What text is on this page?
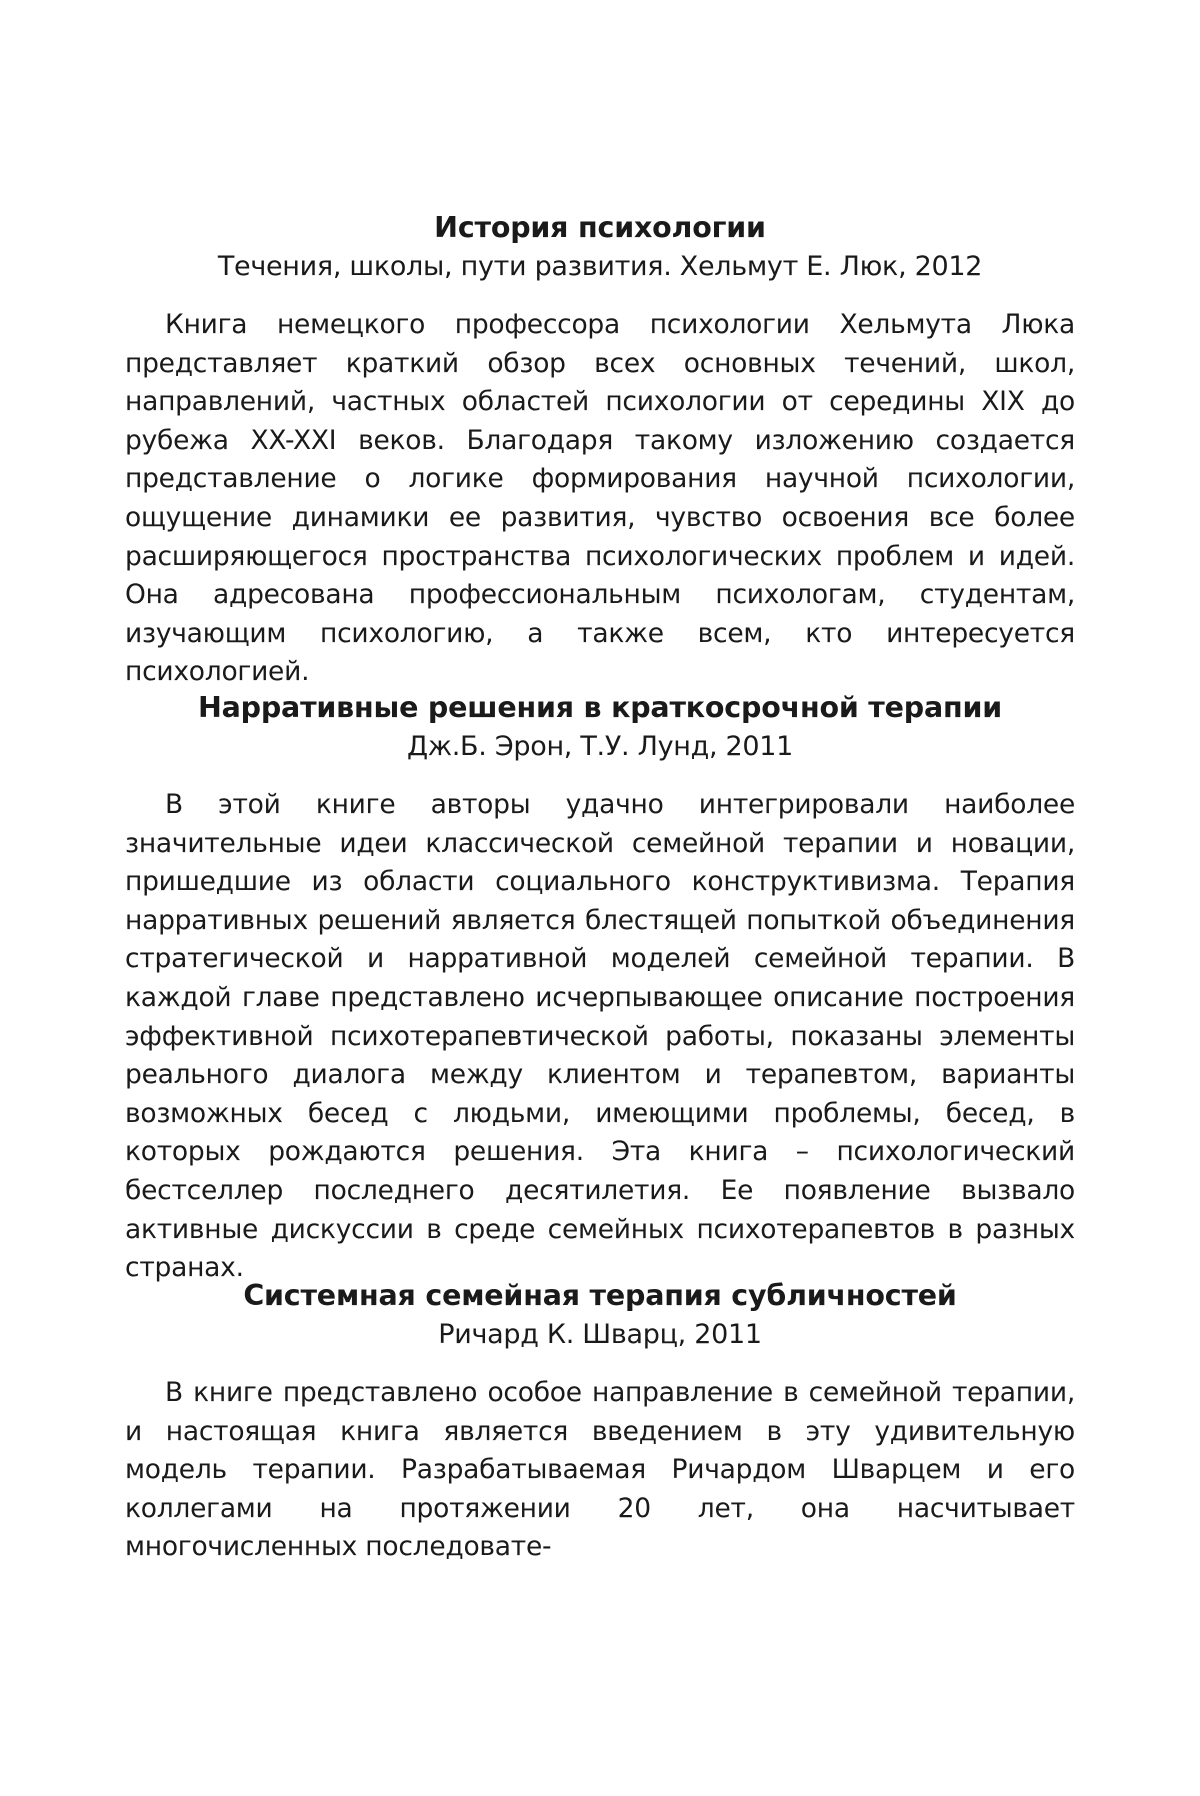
История психологии
Течения, школы, пути развития. Хельмут Е. Люк, 2012

Книга немецкого профессора психологии Хельмута Люка представляет краткий обзор всех основных течений, школ, направлений, частных областей психологии от середины XIX до рубежа XX-XXI веков. Благодаря такому изложению создается представление о логике формирования научной психологии, ощущение динамики ее развития, чувство освоения все более расширяющегося пространства психологических проблем и идей. Она адресована профессиональным психологам, студентам, изучающим психологию, а также всем, кто интересуется психологией.

Нарративные решения в краткосрочной терапии
Дж.Б. Эрон, Т.У. Лунд, 2011

В этой книге авторы удачно интегрировали наиболее значительные идеи классической семейной терапии и новации, пришедшие из области социального конструктивизма. Терапия нарративных решений является блестящей попыткой объединения стратегической и нарративной моделей семейной терапии. В каждой главе представлено исчерпывающее описание построения эффективной психотерапевтической работы, показаны элементы реального диалога между клиентом и терапевтом, варианты возможных бесед с людьми, имеющими проблемы, бесед, в которых рождаются решения. Эта книга – психологический бестселлер последнего десятилетия. Ее появление вызвало активные дискуссии в среде семейных психотерапевтов в разных странах.

Системная семейная терапия субличностей
Ричард К. Шварц, 2011

В книге представлено особое направление в семейной терапии, и настоящая книга является введением в эту удивительную модель терапии. Разрабатываемая Ричардом Шварцем и его коллегами на протяжении 20 лет, она насчитывает многочисленных последовате-
